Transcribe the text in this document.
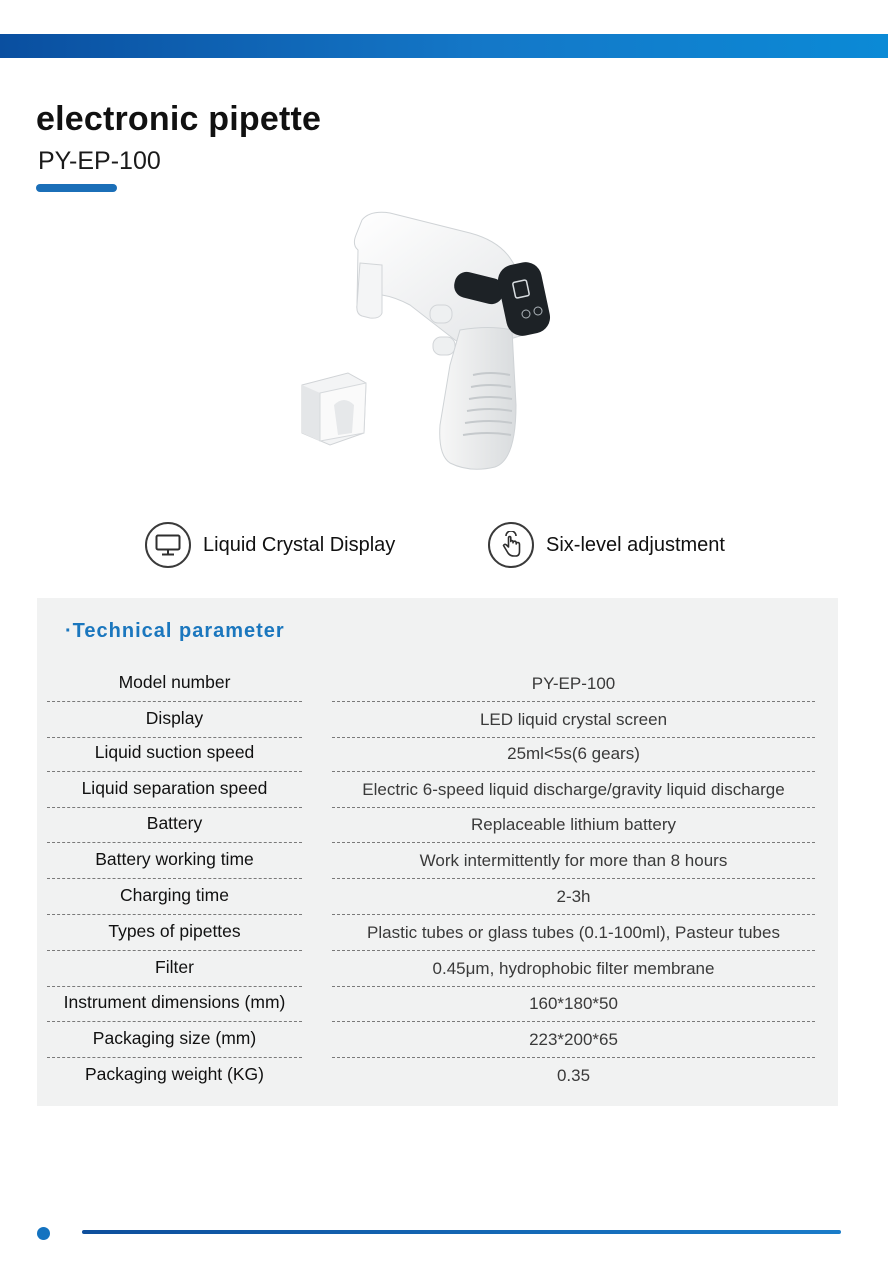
electronic pipette
PY-EP-100
Liquid Crystal Display	Six-level adjustment
·Technical parameter
Model number	PY-EP-100
Display	LED liquid crystal screen
Liquid suction speed	25ml<5s(6 gears)
Liquid separation speed	Electric 6-speed liquid discharge/gravity liquid discharge
Battery	Replaceable lithium battery
Battery working time	Work intermittently for more than 8 hours
Charging time	2-3h
Types of pipettes	Plastic tubes or glass tubes (0.1-100ml), Pasteur tubes
Filter	0.45μm, hydrophobic filter membrane
Instrument dimensions (mm)	160*180*50
Packaging size (mm)	223*200*65
Packaging weight (KG)	0.35
